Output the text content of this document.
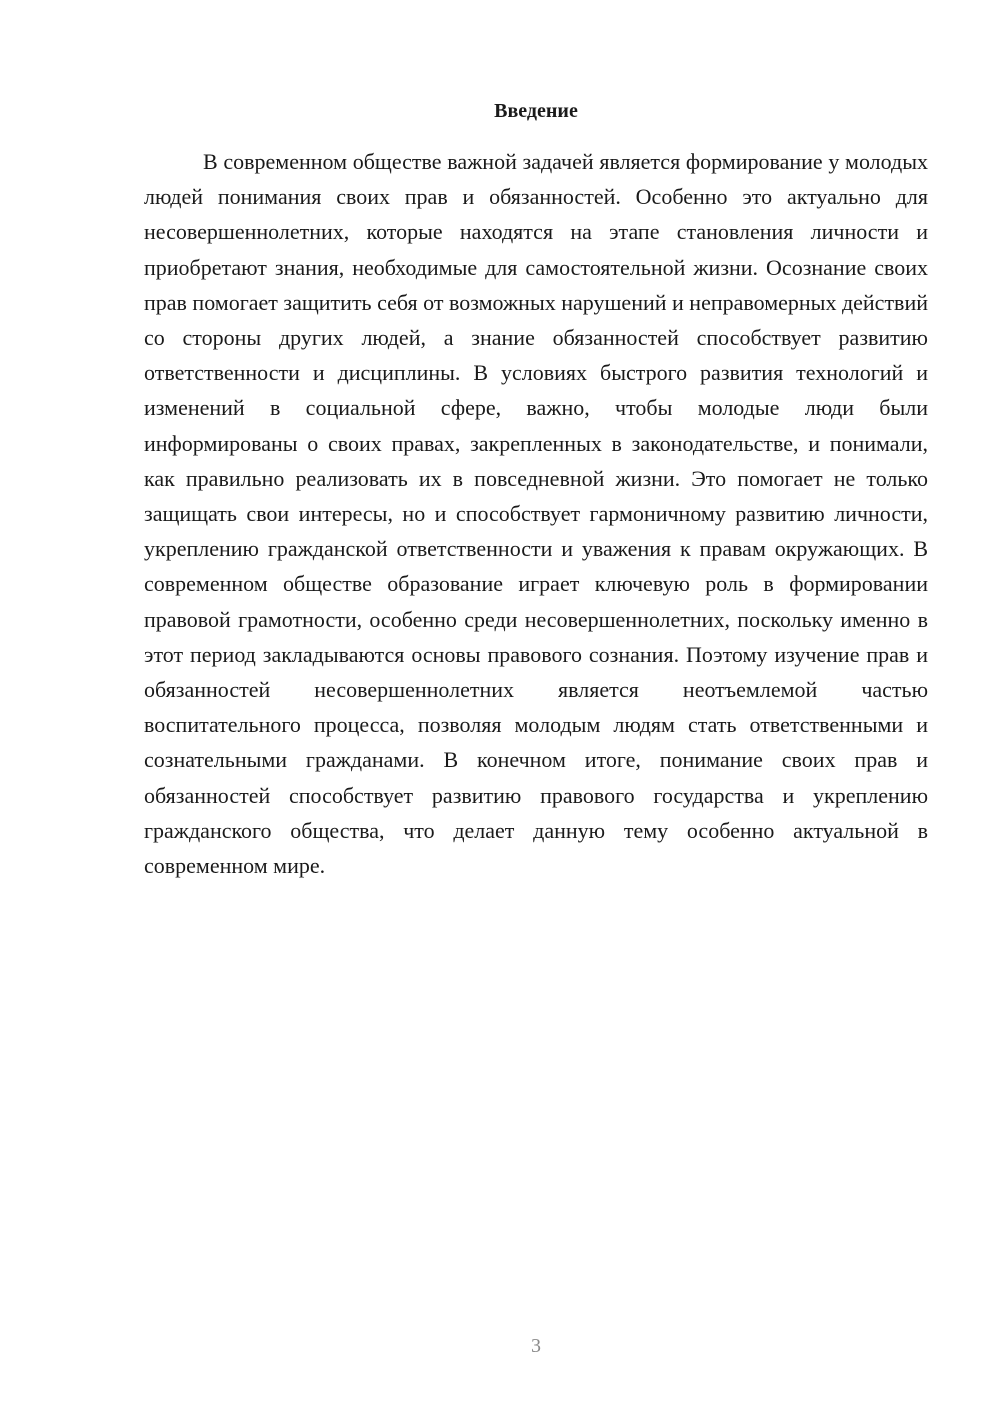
Введение

В современном обществе важной задачей является формирование у молодых людей понимания своих прав и обязанностей. Особенно это актуально для несовершеннолетних, которые находятся на этапе становления личности и приобретают знания, необходимые для самостоятельной жизни. Осознание своих прав помогает защитить себя от возможных нарушений и неправомерных действий со стороны других людей, а знание обязанностей способствует развитию ответственности и дисциплины. В условиях быстрого развития технологий и изменений в социальной сфере, важно, чтобы молодые люди были информированы о своих правах, закрепленных в законодательстве, и понимали, как правильно реализовать их в повседневной жизни. Это помогает не только защищать свои интересы, но и способствует гармоничному развитию личности, укреплению гражданской ответственности и уважения к правам окружающих. В современном обществе образование играет ключевую роль в формировании правовой грамотности, особенно среди несовершеннолетних, поскольку именно в этот период закладываются основы правового сознания. Поэтому изучение прав и обязанностей несовершеннолетних является неотъемлемой частью воспитательного процесса, позволяя молодым людям стать ответственными и сознательными гражданами. В конечном итоге, понимание своих прав и обязанностей способствует развитию правового государства и укреплению гражданского общества, что делает данную тему особенно актуальной в современном мире.

3
